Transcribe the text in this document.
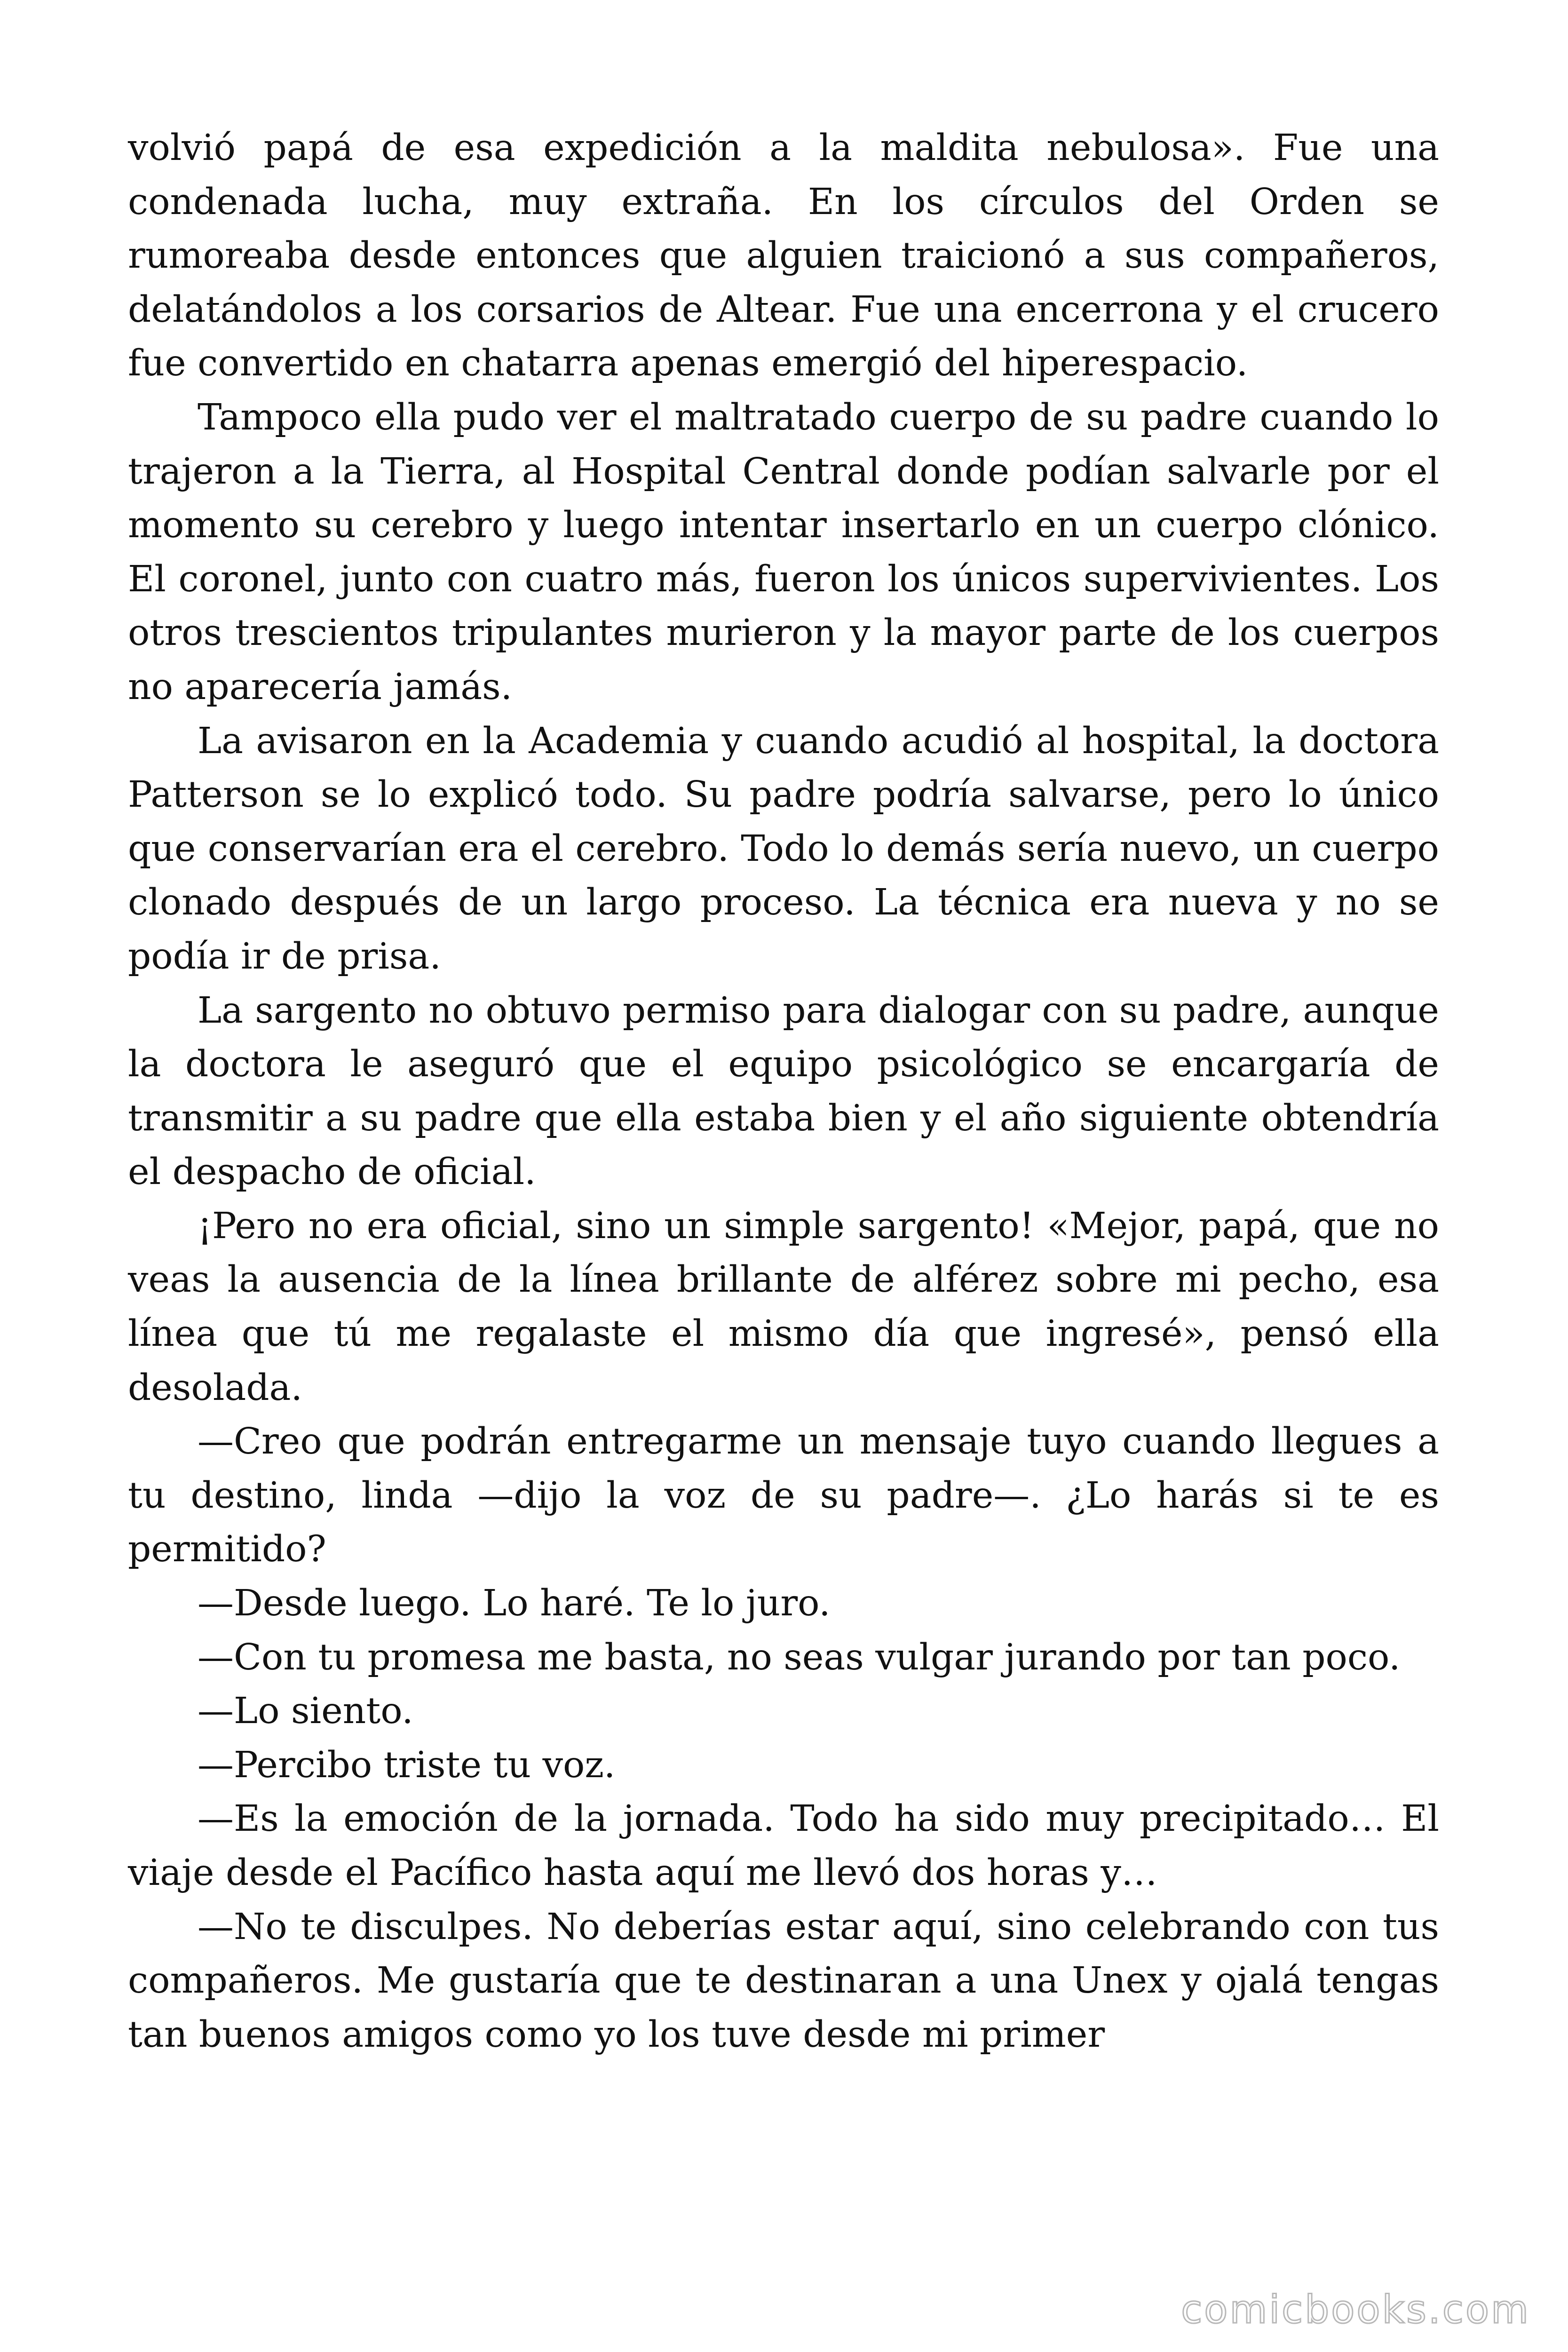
volvió papá de esa expedición a la maldita nebulosa». Fue una condenada lucha, muy extraña. En los círculos del Orden se rumoreaba desde entonces que alguien traicionó a sus compañeros, delatándolos a los corsarios de Altear. Fue una encerrona y el crucero fue convertido en chatarra apenas emergió del hiperespacio.

Tampoco ella pudo ver el maltratado cuerpo de su padre cuando lo trajeron a la Tierra, al Hospital Central donde podían salvarle por el momento su cerebro y luego intentar insertarlo en un cuerpo clónico. El coronel, junto con cuatro más, fueron los únicos supervivientes. Los otros trescientos tripulantes murieron y la mayor parte de los cuerpos no aparecería jamás.

La avisaron en la Academia y cuando acudió al hospital, la doctora Patterson se lo explicó todo. Su padre podría salvarse, pero lo único que conservarían era el cerebro. Todo lo demás sería nuevo, un cuerpo clonado después de un largo proceso. La técnica era nueva y no se podía ir de prisa.

La sargento no obtuvo permiso para dialogar con su padre, aunque la doctora le aseguró que el equipo psicológico se encargaría de transmitir a su padre que ella estaba bien y el año siguiente obtendría el despacho de oficial.

¡Pero no era oficial, sino un simple sargento! «Mejor, papá, que no veas la ausencia de la línea brillante de alférez sobre mi pecho, esa línea que tú me regalaste el mismo día que ingresé», pensó ella desolada.

—Creo que podrán entregarme un mensaje tuyo cuando llegues a tu destino, linda —dijo la voz de su padre—. ¿Lo harás si te es permitido?

—Desde luego. Lo haré. Te lo juro.

—Con tu promesa me basta, no seas vulgar jurando por tan poco.

—Lo siento.

—Percibo triste tu voz.

—Es la emoción de la jornada. Todo ha sido muy precipitado… El viaje desde el Pacífico hasta aquí me llevó dos horas y…

—No te disculpes. No deberías estar aquí, sino celebrando con tus compañeros. Me gustaría que te destinaran a una Unex y ojalá tengas tan buenos amigos como yo los tuve desde mi primer

comicbooks.com
